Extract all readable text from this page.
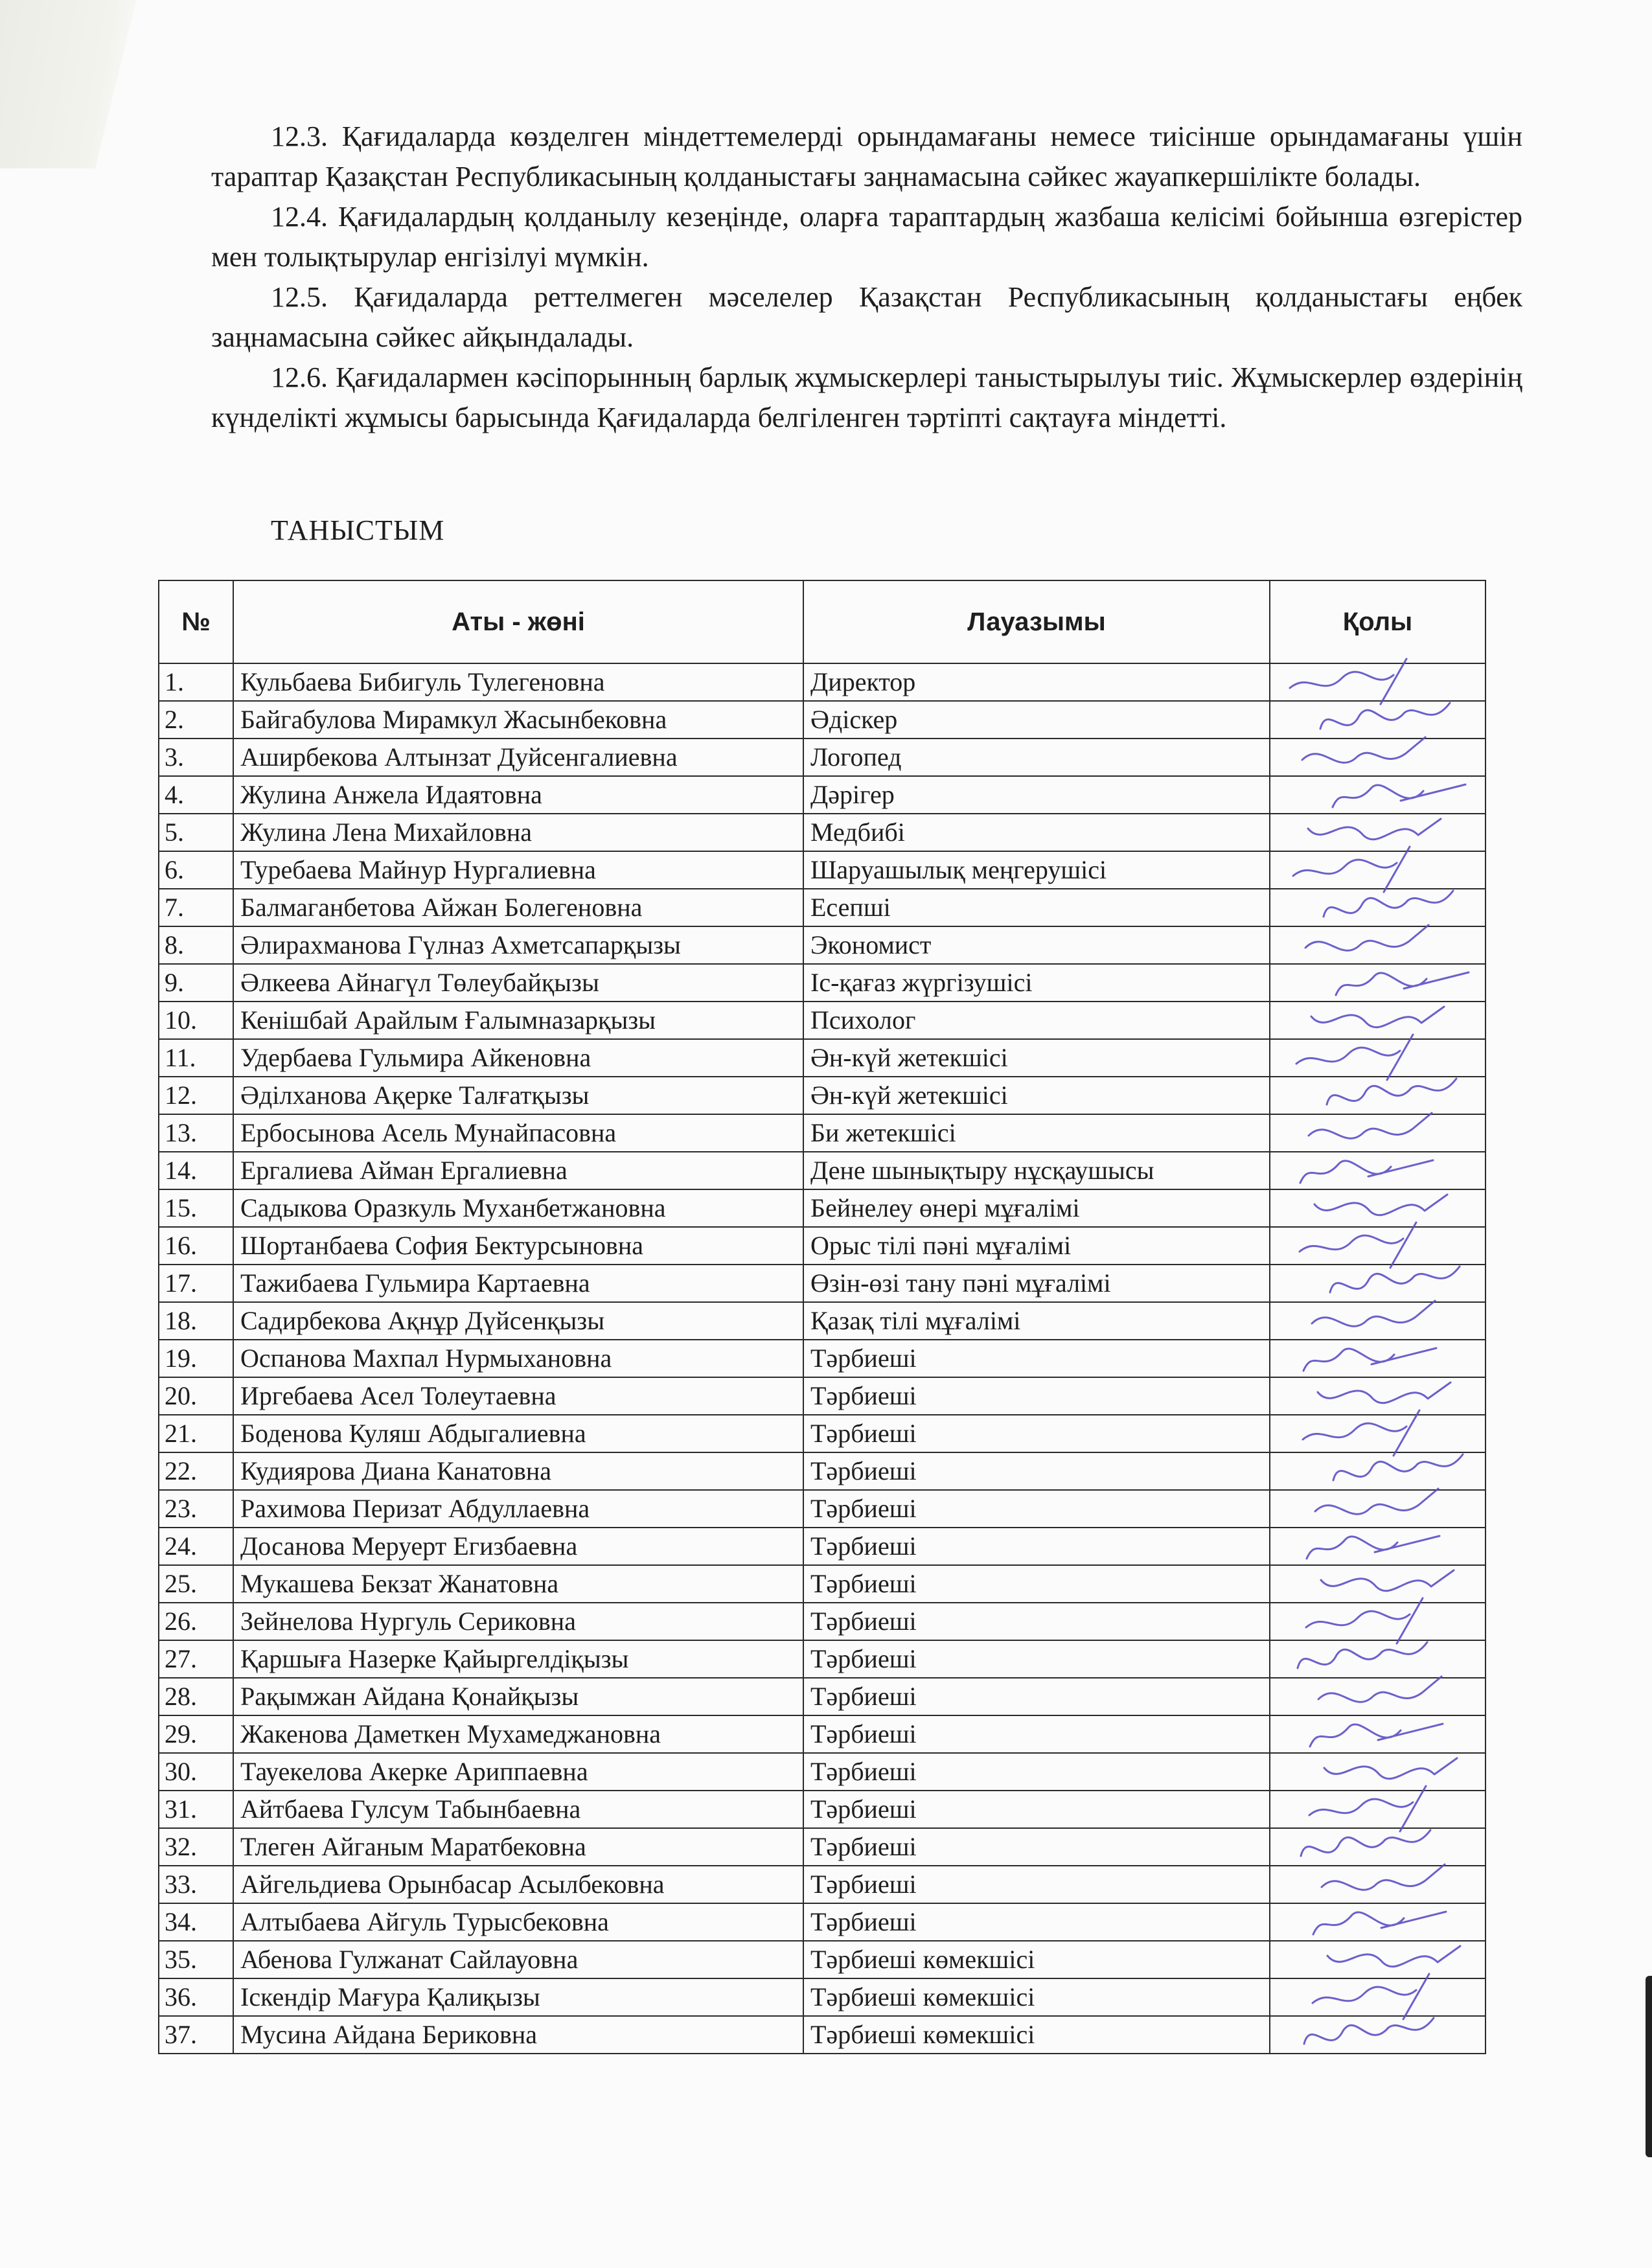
12.3. Қағидаларда көзделген міндеттемелерді орындамағаны немесе тиісінше орындамағаны үшін тараптар Қазақстан Республикасының қолданыстағы заңнамасына сәйкес жауапкершілікте болады.

12.4. Қағидалардың қолданылу кезеңінде, оларға тараптардың жазбаша келісімі бойынша өзгерістер мен толықтырулар енгізілуі мүмкін.

12.5. Қағидаларда реттелмеген мәселелер Қазақстан Республикасының қолданыстағы еңбек заңнамасына сәйкес айқындалады.

12.6. Қағидалармен кәсіпорынның барлық жұмыскерлері таныстырылуы тиіс. Жұмыскерлер өздерінің күнделікті жұмысы барысында Қағидаларда белгіленген тәртіпті сақтауға міндетті.

ТАНЫСТЫМ
№	Аты - жөні	Лауазымы	Қолы
1.	Кульбаева Бибигуль Тулегеновна	Директор	

2.	Байгабулова Мирамкул Жасынбековна	Әдіскер	

3.	Аширбекова Алтынзат Дуйсенгалиевна	Логопед	

4.	Жулина Анжела Идаятовна	Дәрігер	

5.	Жулина Лена Михайловна	Медбибі	

6.	Туребаева Майнур Нургалиевна	Шаруашылық меңгерушісі	

7.	Балмаганбетова Айжан Болегеновна	Есепші	

8.	Әлирахманова Гүлназ Ахметсапарқызы	Экономист	

9.	Әлкеева Айнагүл Төлеубайқызы	Іс-қағаз жүргізушісі	

10.	Кенішбай Арайлым Ғалымназарқызы	Психолог	

11.	Удербаева Гульмира Айкеновна	Ән-күй жетекшісі	

12.	Әділханова Ақерке Талғатқызы	Ән-күй жетекшісі	

13.	Ербосынова Асель Мунайпасовна	Би жетекшісі	

14.	Ергалиева Айман Ергалиевна	Дене шынықтыру нұсқаушысы	

15.	Садыкова Оразкуль Муханбетжановна	Бейнелеу өнері мұғалімі	

16.	Шортанбаева София Бектурсыновна	Орыс тілі пәні мұғалімі	

17.	Тажибаева Гульмира Картаевна	Өзін-өзі тану пәні мұғалімі	

18.	Садирбекова Ақнұр Дүйсенқызы	Қазақ тілі мұғалімі	

19.	Оспанова Махпал Нурмыхановна	Тәрбиеші	

20.	Иргебаева Асел Толеутаевна	Тәрбиеші	

21.	Боденова Куляш Абдыгалиевна	Тәрбиеші	

22.	Кудиярова Диана Канатовна	Тәрбиеші	

23.	Рахимова Перизат Абдуллаевна	Тәрбиеші	

24.	Досанова Меруерт Егизбаевна	Тәрбиеші	

25.	Мукашева Бекзат Жанатовна	Тәрбиеші	

26.	Зейнелова Нургуль Сериковна	Тәрбиеші	

27.	Қаршыға Назерке Қайыргелдіқызы	Тәрбиеші	

28.	Рақымжан Айдана Қонайқызы	Тәрбиеші	

29.	Жакенова Даметкен Мухамеджановна	Тәрбиеші	

30.	Тауекелова Акерке Ариппаевна	Тәрбиеші	

31.	Айтбаева Гулсум Табынбаевна	Тәрбиеші	

32.	Тлеген Айганым Маратбековна	Тәрбиеші	

33.	Айгельдиева Орынбасар Асылбековна	Тәрбиеші	

34.	Алтыбаева Айгуль Турысбековна	Тәрбиеші	

35.	Абенова Гулжанат Сайлауовна	Тәрбиеші көмекшісі	

36.	Іскендір Мағура Қалиқызы	Тәрбиеші көмекшісі	

37.	Мусина Айдана Бериковна	Тәрбиеші көмекшісі	
